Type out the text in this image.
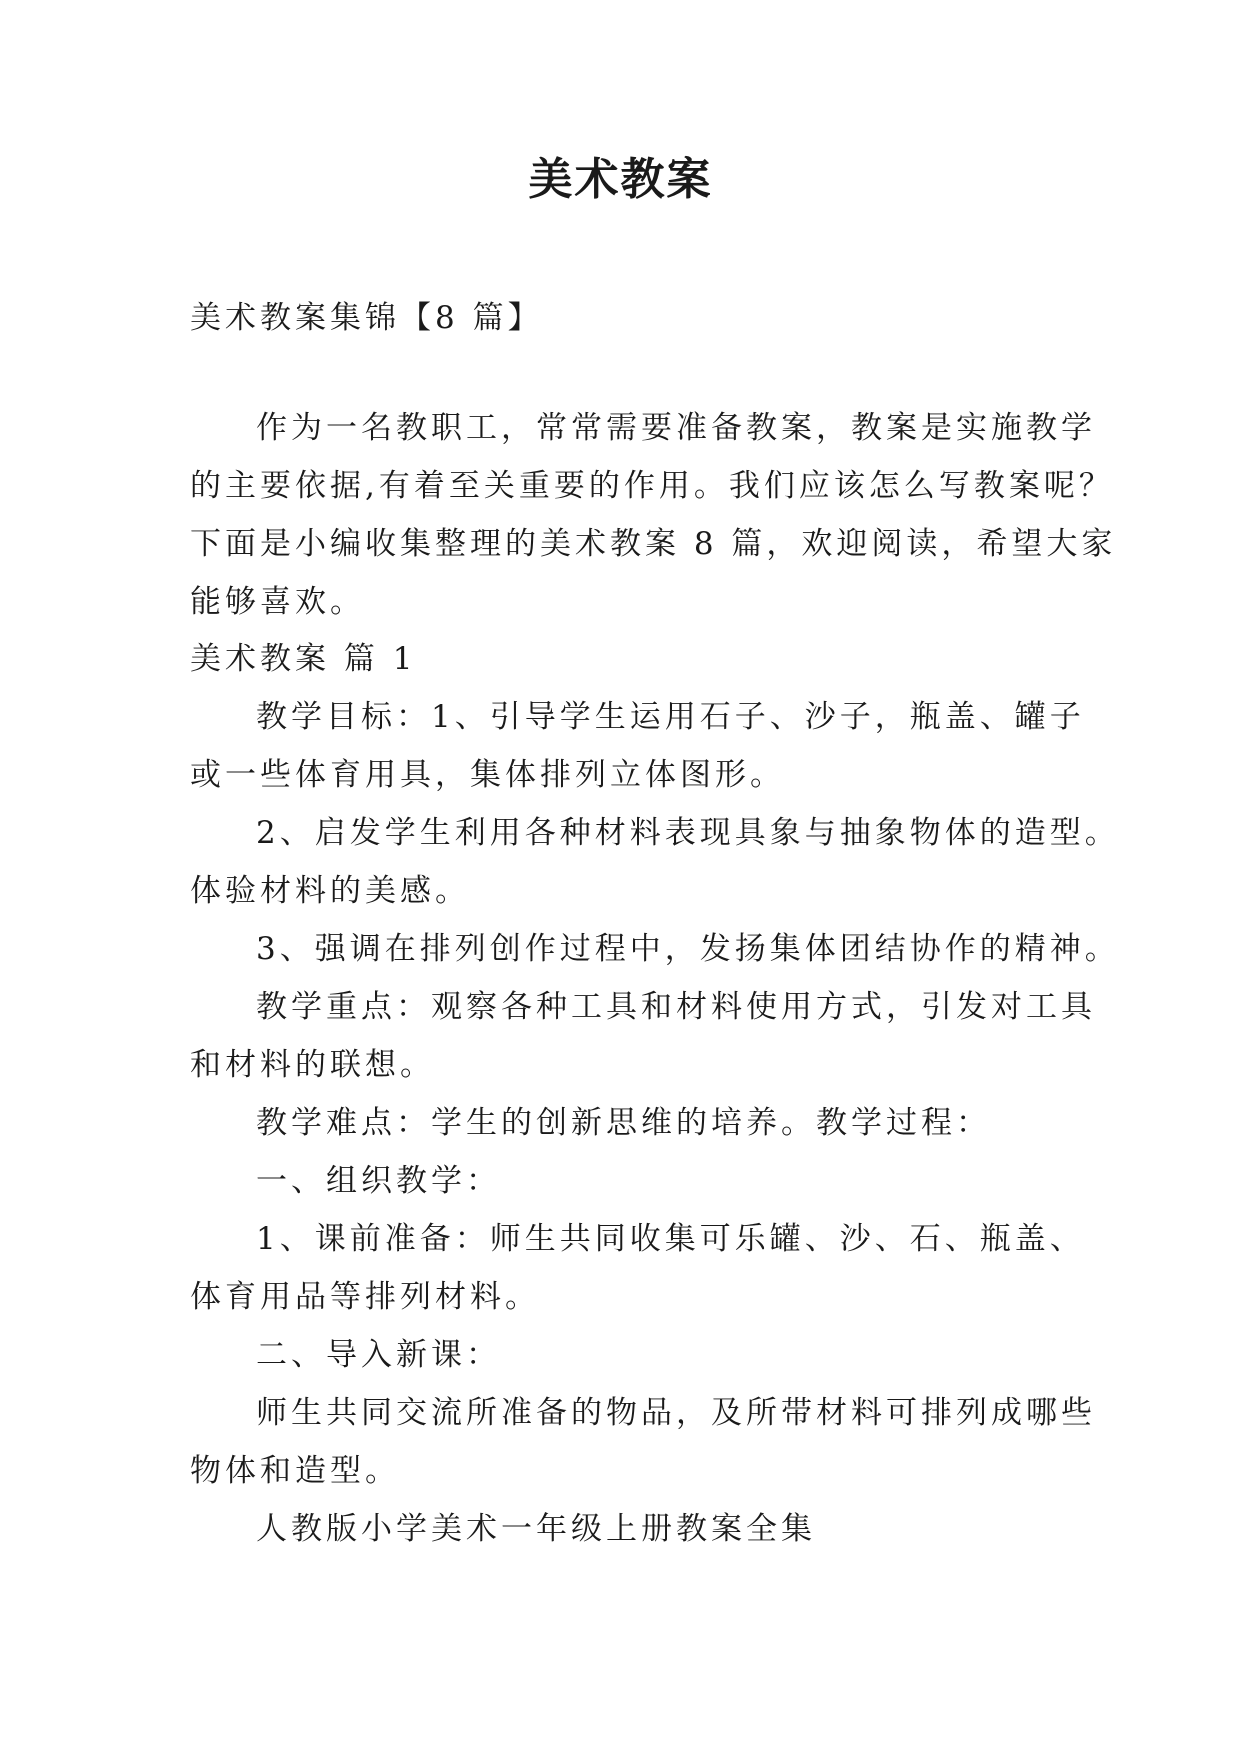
美术教案
美术教案集锦【8 篇】
作为一名教职工，常常需要准备教案，教案是实施教学
的主要依据,有着至关重要的作用。我们应该怎么写教案呢？
下面是小编收集整理的美术教案 8 篇，欢迎阅读，希望大家
能够喜欢。
美术教案 篇 1
教学目标：1、引导学生运用石子、沙子，瓶盖、罐子
或一些体育用具，集体排列立体图形。
2、启发学生利用各种材料表现具象与抽象物体的造型。
体验材料的美感。
3、强调在排列创作过程中，发扬集体团结协作的精神。
教学重点：观察各种工具和材料使用方式，引发对工具
和材料的联想。
教学难点：学生的创新思维的培养。教学过程：
一、组织教学：
1、课前准备：师生共同收集可乐罐、沙、石、瓶盖、
体育用品等排列材料。
二、导入新课：
师生共同交流所准备的物品，及所带材料可排列成哪些
物体和造型。
人教版小学美术一年级上册教案全集
